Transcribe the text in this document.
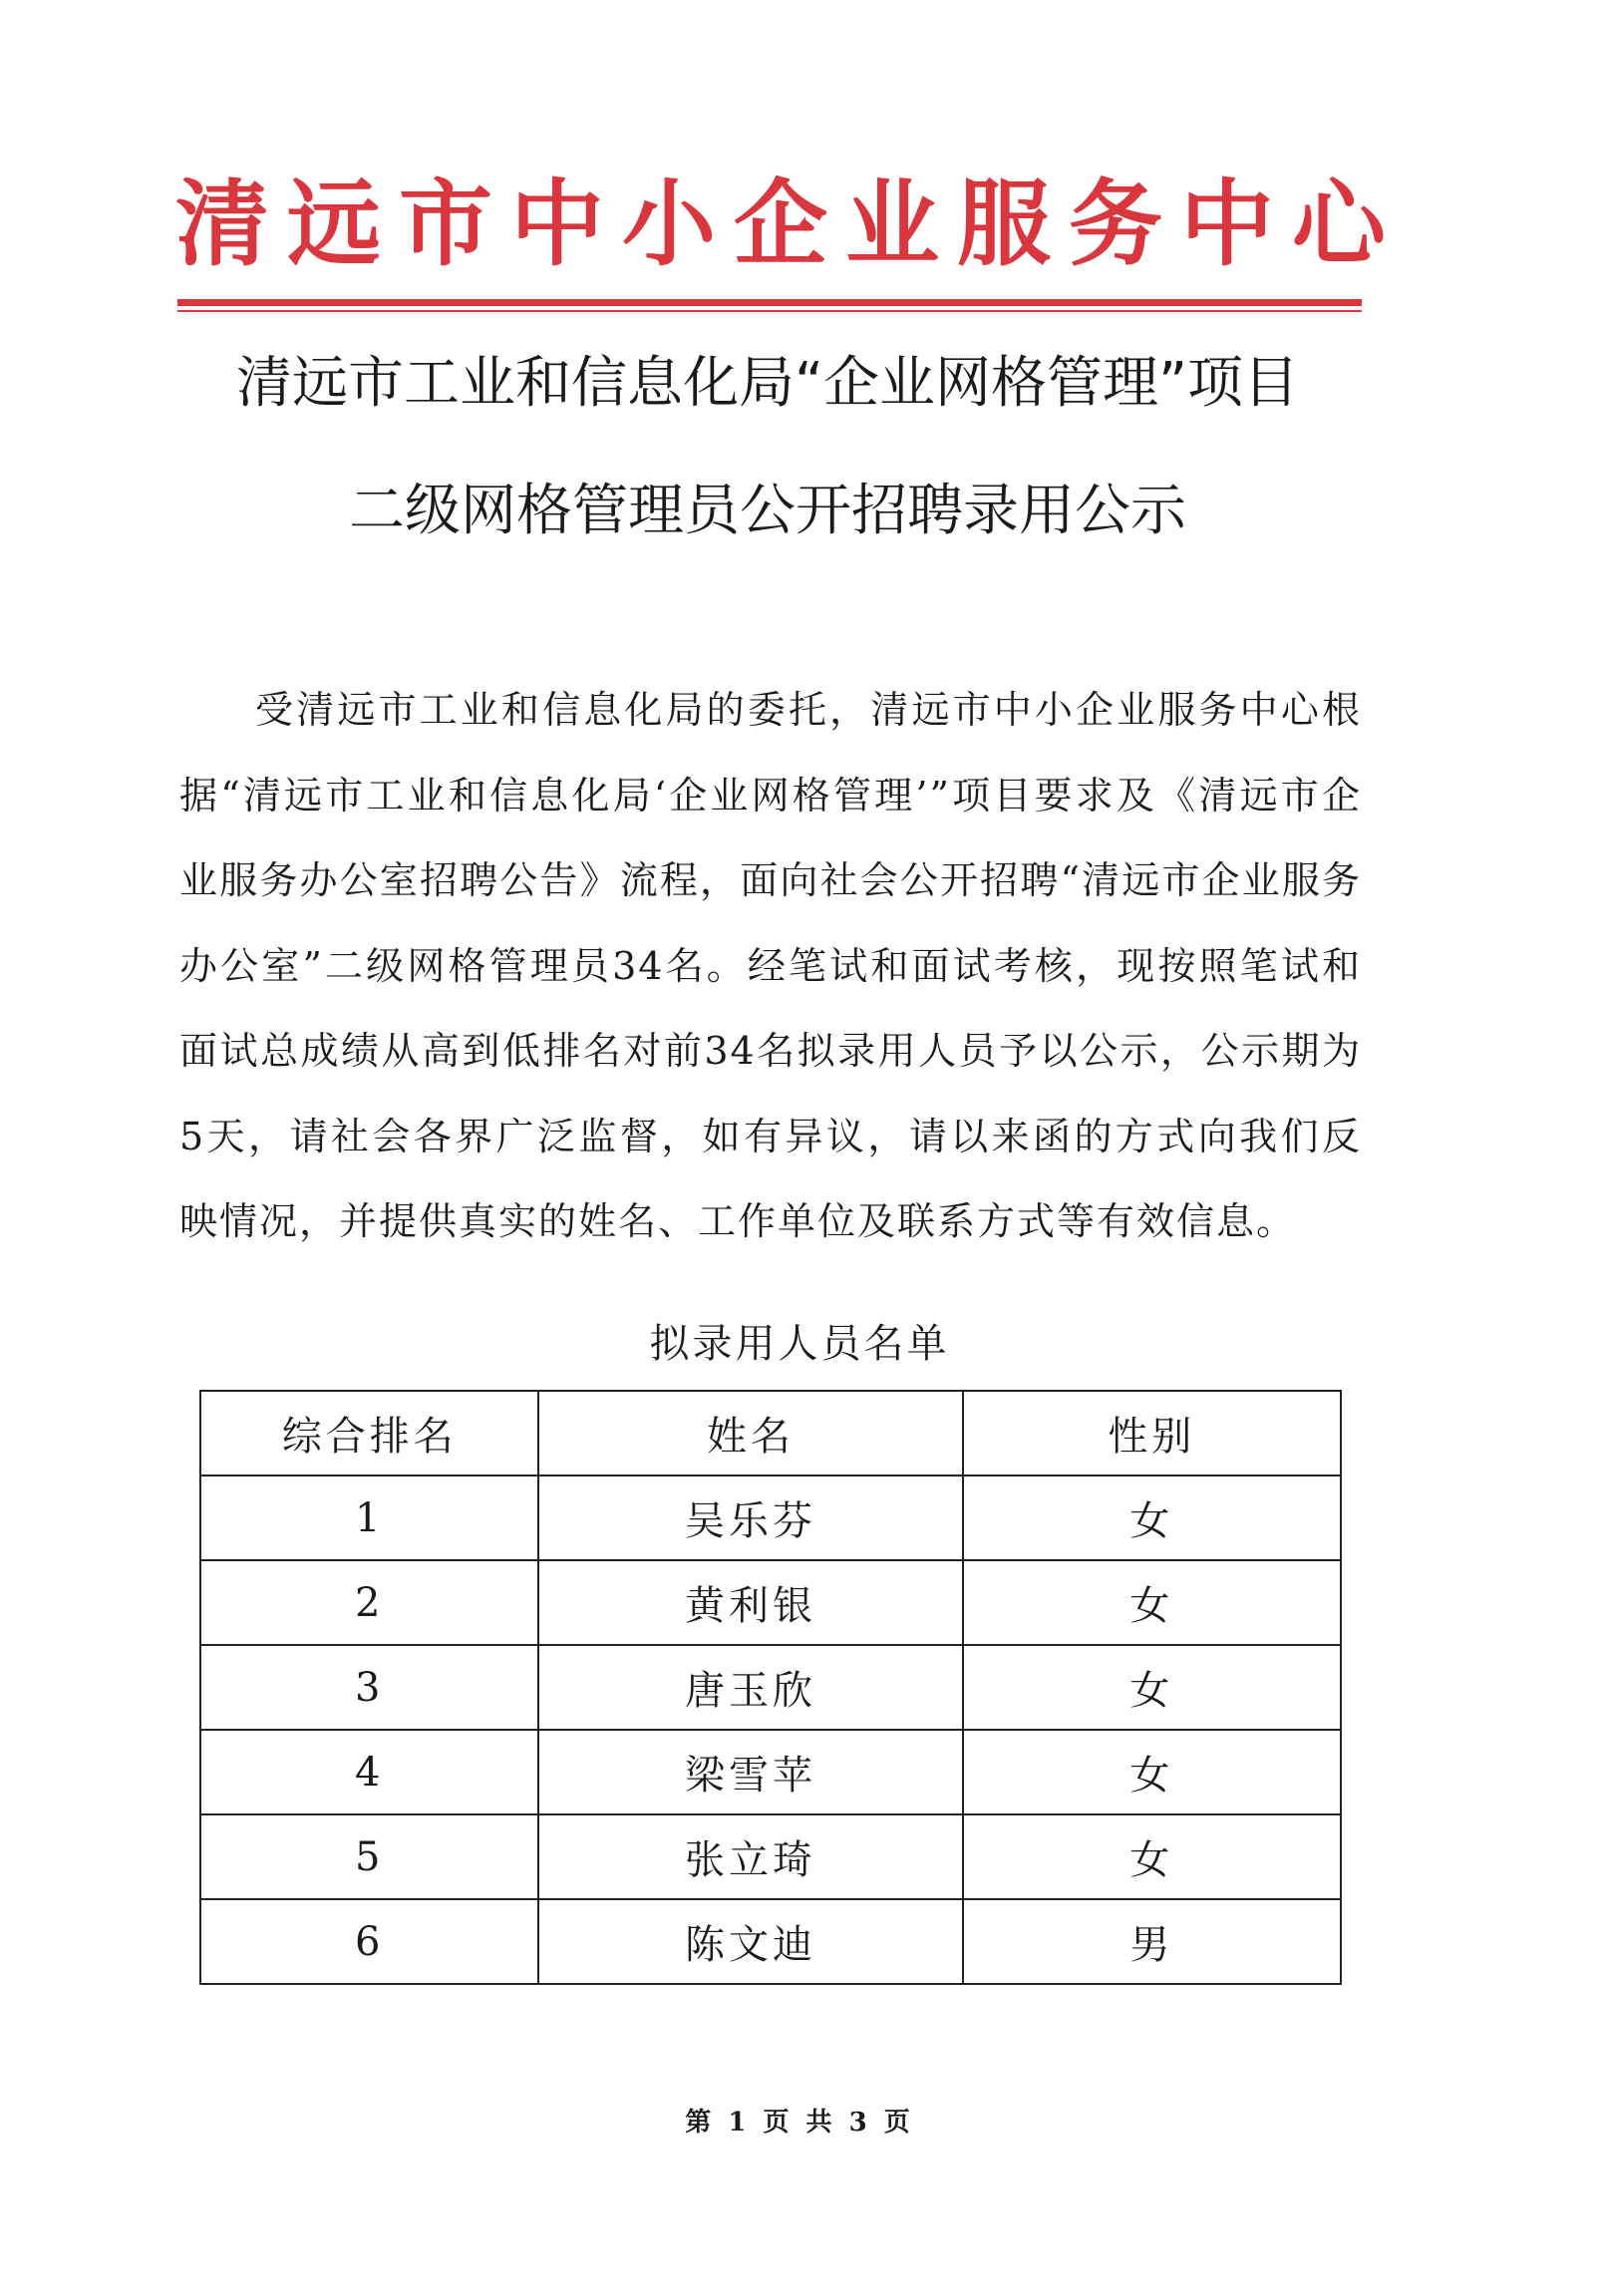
清远市中小企业服务中心
清远市工业和信息化局“企业网格管理”项目
二级网格管理员公开招聘录用公示
受清远市工业和信息化局的委托，清远市中小企业服务中心根据“清远市工业和信息化局‘企业网格管理’”项目要求及《清远市企业服务办公室招聘公告》流程，面向社会公开招聘“清远市企业服务办公室”二级网格管理员34名。经笔试和面试考核，现按照笔试和面试总成绩从高到低排名对前34名拟录用人员予以公示，公示期为5天，请社会各界广泛监督，如有异议，请以来函的方式向我们反映情况，并提供真实的姓名、工作单位及联系方式等有效信息。
拟录用人员名单
综合排名	姓名	性别
1	吴乐芬	女
2	黄利银	女
3	唐玉欣	女
4	梁雪苹	女
5	张立琦	女
6	陈文迪	男
第 1 页 共 3 页
